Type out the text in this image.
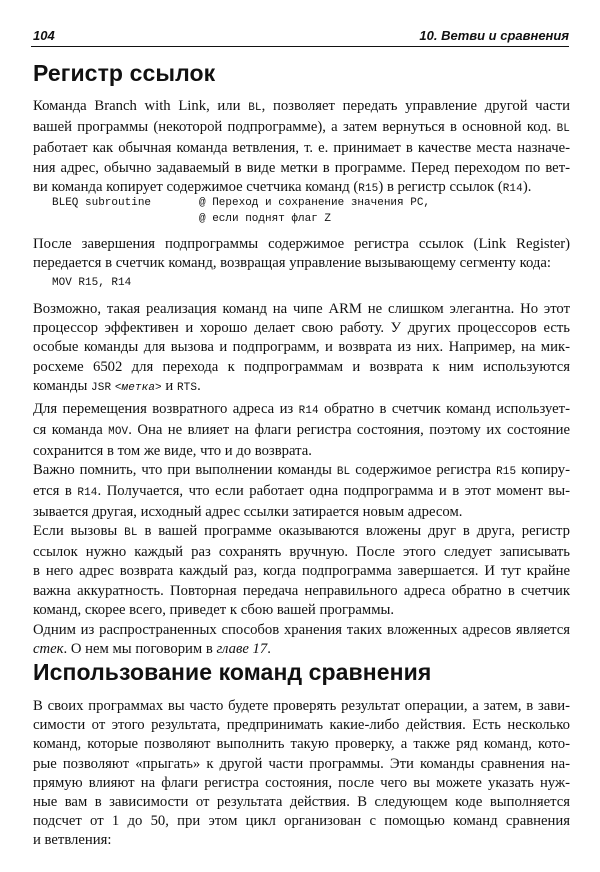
104	10. Ветви и сравнения
Регистр ссылок
Команда Branch with Link, или BL, позволяет передать управление другой части
вашей программы (некоторой подпрограмме), а затем вернуться в основной код. BL
работает как обычная команда ветвления, т. е. принимает в качестве места назначе-
ния адрес, обычно задаваемый в виде метки в программе. Перед переходом по вет-
ви команда копирует содержимое счетчика команд (R15) в регистр ссылок (R14).
BLEQ subroutine	@ Переход и сохранение значения PC,
@ если поднят флаг Z
После завершения подпрограммы содержимое регистра ссылок (Link Register)
передается в счетчик команд, возвращая управление вызывающему сегменту кода:
MOV R15, R14
Возможно, такая реализация команд на чипе ARM не слишком элегантна. Но этот
процессор эффективен и хорошо делает свою работу. У других процессоров есть
особые команды для вызова и подпрограмм, и возврата из них. Например, на мик-
росхеме 6502 для перехода к подпрограммам и возврата к ним используются
команды JSR <метка> и RTS.
Для перемещения возвратного адреса из R14 обратно в счетчик команд использует-
ся команда MOV. Она не влияет на флаги регистра состояния, поэтому их состояние
сохранится в том же виде, что и до возврата.
Важно помнить, что при выполнении команды BL содержимое регистра R15 копиру-
ется в R14. Получается, что если работает одна подпрограмма и в этот момент вы-
зывается другая, исходный адрес ссылки затирается новым адресом.
Если вызовы BL в вашей программе оказываются вложены друг в друга, регистр
ссылок нужно каждый раз сохранять вручную. После этого следует записывать
в него адрес возврата каждый раз, когда подпрограмма завершается. И тут крайне
важна аккуратность. Повторная передача неправильного адреса обратно в счетчик
команд, скорее всего, приведет к сбою вашей программы.
Одним из распространенных способов хранения таких вложенных адресов является
стек. О нем мы поговорим в главе 17.
Использование команд сравнения
В своих программах вы часто будете проверять результат операции, а затем, в зави-
симости от этого результата, предпринимать какие-либо действия. Есть несколько
команд, которые позволяют выполнить такую проверку, а также ряд команд, кото-
рые позволяют «прыгать» к другой части программы. Эти команды сравнения на-
прямую влияют на флаги регистра состояния, после чего вы можете указать нуж-
ные вам в зависимости от результата действия. В следующем коде выполняется
подсчет от 1 до 50, при этом цикл организован с помощью команд сравнения
и ветвления:
